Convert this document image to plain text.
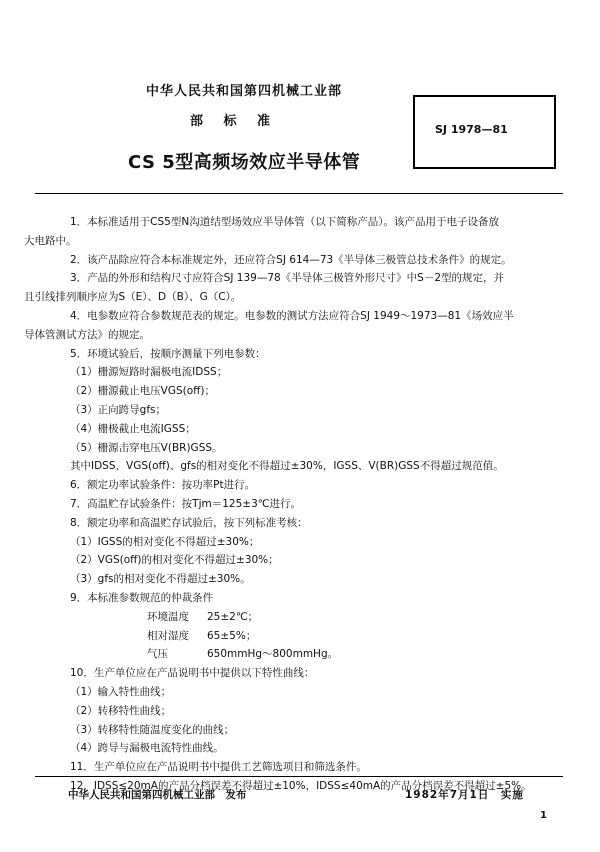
中华人民共和国第四机械工业部
部 标 准
SJ 1978—81
CS 5型高频场效应半导体管
1．本标准适用于CS5型N沟道结型场效应半导体管（以下简称产品）。该产品用于电子设备放
大电路中。
2．该产品除应符合本标准规定外，还应符合SJ 614—73《半导体三极管总技术条件》的规定。
3．产品的外形和结构尺寸应符合SJ 139—78《半导体三极管外形尺寸》中S－2型的规定，并
且引线排列顺序应为S（E）、D（B）、G（C）。
4．电参数应符合参数规范表的规定。电参数的测试方法应符合SJ 1949～1973—81《场效应半
导体管测试方法》的规定。
5．环境试验后，按顺序测量下列电参数：
（1）栅源短路时漏极电流IDSS；
（2）栅源截止电压VGS(off)；
（3）正向跨导gfs；
（4）栅极截止电流IGSS；
（5）栅源击穿电压V(BR)GSS。
其中IDSS、VGS(off)、gfs的相对变化不得超过±30%，IGSS、V(BR)GSS不得超过规范值。
6．额定功率试验条件：按功率Pt进行。
7．高温贮存试验条件：按Tjm＝125±3℃进行。
8．额定功率和高温贮存试验后，按下列标准考核：
（1）IGSS的相对变化不得超过±30%；
（2）VGS(off)的相对变化不得超过±30%；
（3）gfs的相对变化不得超过±30%。
9．本标准参数规范的仲裁条件
环境温度	25±2℃；
相对湿度	65±5%；
气压	650mmHg～800mmHg。
10．生产单位应在产品说明书中提供以下特性曲线：
（1）输入特性曲线；
（2）转移特性曲线；
（3）转移特性随温度变化的曲线；
（4）跨导与漏极电流特性曲线。
11．生产单位应在产品说明书中提供工艺筛选项目和筛选条件。
12．IDSS≤20mA的产品分档误差不得超过±10%，IDSS≤40mA的产品分档误差不得超过±5%。
中华人民共和国第四机械工业部　发布	1982年7月1日　实施
1
